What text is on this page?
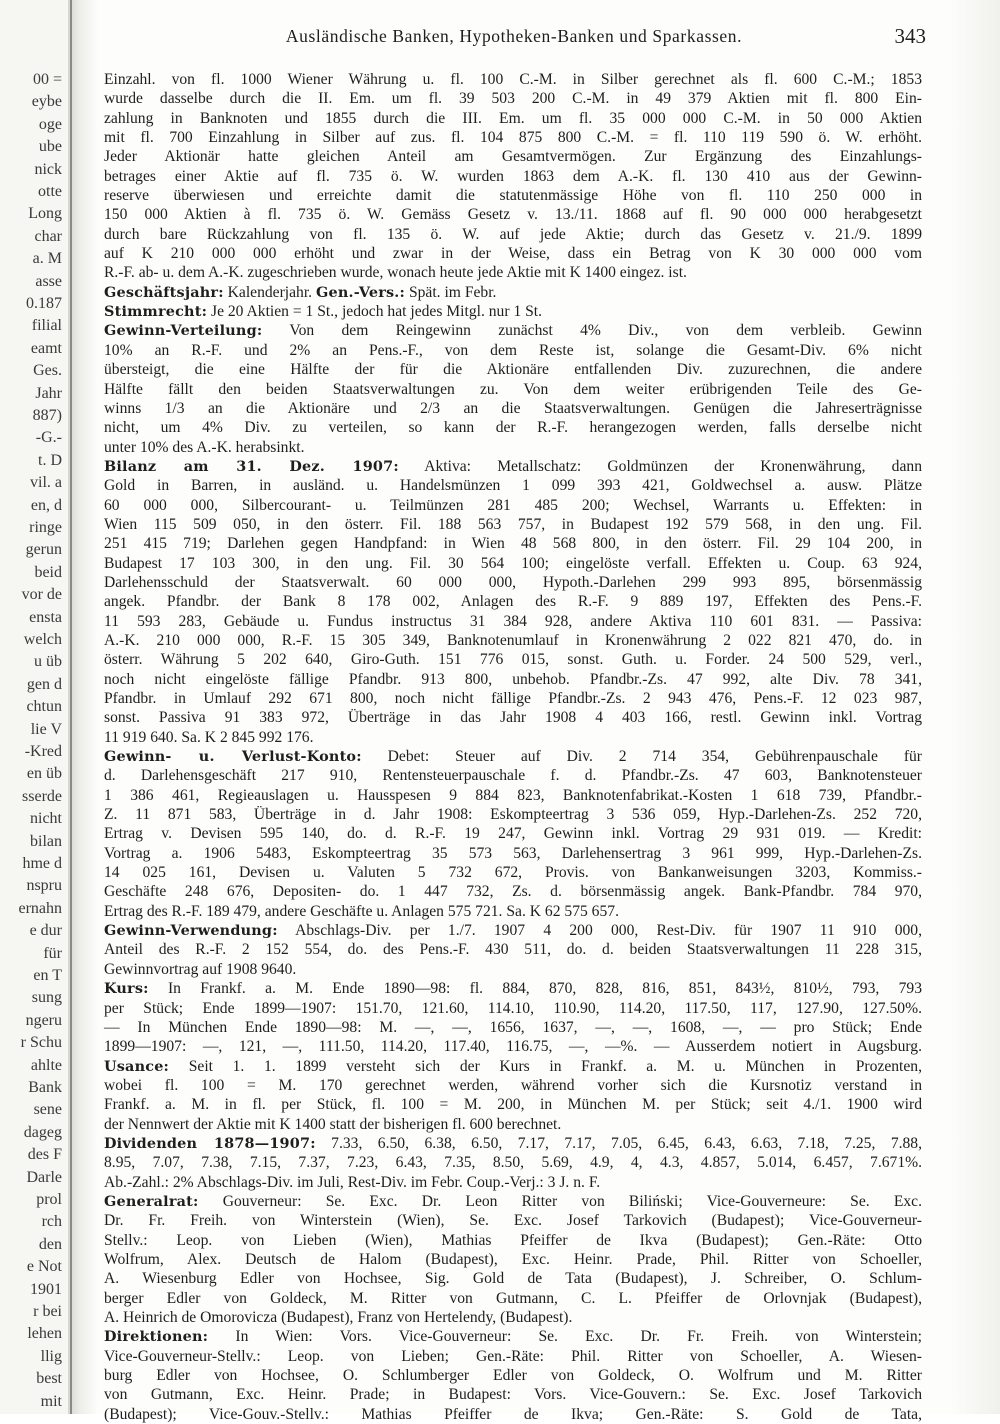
00 =
eybe
oge
ube
nick
otte
Long
char
a. M
asse
0.187
filial
eamt
Ges.
Jahr
887)
-G.-
t. D
vil. a
en, d
ringe
gerun
beid
vor de
ensta
welch
u üb
gen d
chtun
lie V
-Kred
en üb
sserde
nicht
bilan
hme d
nspru
ernahn
e dur
für
en T
sung
ngeru
r Schu
ahlte
Bank
sene
dageg
des F
Darle
prol
rch
den
e Not
1901
r bei
lehen
llig
best
mit
Ausländische Banken, Hypotheken-Banken und Sparkassen.	343
Einzahl. von fl. 1000 Wiener Währung u. fl. 100 C.-M. in Silber gerechnet als fl. 600 C.-M.; 1853
wurde dasselbe durch die II. Em. um fl. 39 503 200 C.-M. in 49 379 Aktien mit fl. 800 Ein-
zahlung in Banknoten und 1855 durch die III. Em. um fl. 35 000 000 C.-M. in 50 000 Aktien
mit fl. 700 Einzahlung in Silber auf zus. fl. 104 875 800 C.-M. = fl. 110 119 590 ö. W. erhöht.
Jeder Aktionär hatte gleichen Anteil am Gesamtvermögen. Zur Ergänzung des Einzahlungs-
betrages einer Aktie auf fl. 735 ö. W. wurden 1863 dem A.-K. fl. 130 410 aus der Gewinn-
reserve überwiesen und erreichte damit die statutenmässige Höhe von fl. 110 250 000 in
150 000 Aktien à fl. 735 ö. W. Gemäss Gesetz v. 13./11. 1868 auf fl. 90 000 000 herabgesetzt
durch bare Rückzahlung von fl. 135 ö. W. auf jede Aktie; durch das Gesetz v. 21./9. 1899
auf K 210 000 000 erhöht und zwar in der Weise, dass ein Betrag von K 30 000 000 vom
R.-F. ab- u. dem A.-K. zugeschrieben wurde, wonach heute jede Aktie mit K 1400 eingez. ist.
Geschäftsjahr: Kalenderjahr. Gen.-Vers.: Spät. im Febr.
Stimmrecht: Je 20 Aktien = 1 St., jedoch hat jedes Mitgl. nur 1 St.
Gewinn-Verteilung: Von dem Reingewinn zunächst 4% Div., von dem verbleib. Gewinn
10% an R.-F. und 2% an Pens.-F., von dem Reste ist, solange die Gesamt-Div. 6% nicht
übersteigt, die eine Hälfte der für die Aktionäre entfallenden Div. zuzurechnen, die andere
Hälfte fällt den beiden Staatsverwaltungen zu. Von dem weiter erübrigenden Teile des Ge-
winns 1/3 an die Aktionäre und 2/3 an die Staatsverwaltungen. Genügen die Jahreserträgnisse
nicht, um 4% Div. zu verteilen, so kann der R.-F. herangezogen werden, falls derselbe nicht
unter 10% des A.-K. herabsinkt.
Bilanz am 31. Dez. 1907: Aktiva: Metallschatz: Goldmünzen der Kronenwährung, dann
Gold in Barren, in ausländ. u. Handelsmünzen 1 099 393 421, Goldwechsel a. ausw. Plätze
60 000 000, Silbercourant- u. Teilmünzen 281 485 200; Wechsel, Warrants u. Effekten: in
Wien 115 509 050, in den österr. Fil. 188 563 757, in Budapest 192 579 568, in den ung. Fil.
251 415 719; Darlehen gegen Handpfand: in Wien 48 568 800, in den österr. Fil. 29 104 200, in
Budapest 17 103 300, in den ung. Fil. 30 564 100; eingelöste verfall. Effekten u. Coup. 63 924,
Darlehensschuld der Staatsverwalt. 60 000 000, Hypoth.-Darlehen 299 993 895, börsenmässig
angek. Pfandbr. der Bank 8 178 002, Anlagen des R.-F. 9 889 197, Effekten des Pens.-F.
11 593 283, Gebäude u. Fundus instructus 31 384 928, andere Aktiva 110 601 831. — Passiva:
A.-K. 210 000 000, R.-F. 15 305 349, Banknotenumlauf in Kronenwährung 2 022 821 470, do. in
österr. Währung 5 202 640, Giro-Guth. 151 776 015, sonst. Guth. u. Forder. 24 500 529, verl.,
noch nicht eingelöste fällige Pfandbr. 913 800, unbehob. Pfandbr.-Zs. 47 992, alte Div. 78 341,
Pfandbr. in Umlauf 292 671 800, noch nicht fällige Pfandbr.-Zs. 2 943 476, Pens.-F. 12 023 987,
sonst. Passiva 91 383 972, Überträge in das Jahr 1908 4 403 166, restl. Gewinn inkl. Vortrag
11 919 640. Sa. K 2 845 992 176.
Gewinn- u. Verlust-Konto: Debet: Steuer auf Div. 2 714 354, Gebührenpauschale für
d. Darlehensgeschäft 217 910, Rentensteuerpauschale f. d. Pfandbr.-Zs. 47 603, Banknotensteuer
1 386 461, Regieauslagen u. Hausspesen 9 884 823, Banknotenfabrikat.-Kosten 1 618 739, Pfandbr.-
Z. 11 871 583, Überträge in d. Jahr 1908: Eskompteertrag 3 536 059, Hyp.-Darlehen-Zs. 252 720,
Ertrag v. Devisen 595 140, do. d. R.-F. 19 247, Gewinn inkl. Vortrag 29 931 019. — Kredit:
Vortrag a. 1906 5483, Eskompteertrag 35 573 563, Darlehensertrag 3 961 999, Hyp.-Darlehen-Zs.
14 025 161, Devisen u. Valuten 5 732 672, Provis. von Bankanweisungen 3203, Kommiss.-
Geschäfte 248 676, Depositen- do. 1 447 732, Zs. d. börsenmässig angek. Bank-Pfandbr. 784 970,
Ertrag des R.-F. 189 479, andere Geschäfte u. Anlagen 575 721. Sa. K 62 575 657.
Gewinn-Verwendung: Abschlags-Div. per 1./7. 1907 4 200 000, Rest-Div. für 1907 11 910 000,
Anteil des R.-F. 2 152 554, do. des Pens.-F. 430 511, do. d. beiden Staatsverwaltungen 11 228 315,
Gewinnvortrag auf 1908 9640.
Kurs: In Frankf. a. M. Ende 1890—98: fl. 884, 870, 828, 816, 851, 843½, 810½, 793, 793
per Stück; Ende 1899—1907: 151.70, 121.60, 114.10, 110.90, 114.20, 117.50, 117, 127.90, 127.50%.
— In München Ende 1890—98: M. —, —, 1656, 1637, —, —, 1608, —, — pro Stück; Ende
1899—1907: —, 121, —, 111.50, 114.20, 117.40, 116.75, —, —%. — Ausserdem notiert in Augsburg.
Usance: Seit 1. 1. 1899 versteht sich der Kurs in Frankf. a. M. u. München in Prozenten,
wobei fl. 100 = M. 170 gerechnet werden, während vorher sich die Kursnotiz verstand in
Frankf. a. M. in fl. per Stück, fl. 100 = M. 200, in München M. per Stück; seit 4./1. 1900 wird
der Nennwert der Aktie mit K 1400 statt der bisherigen fl. 600 berechnet.
Dividenden 1878—1907: 7.33, 6.50, 6.38, 6.50, 7.17, 7.17, 7.05, 6.45, 6.43, 6.63, 7.18, 7.25, 7.88,
8.95, 7.07, 7.38, 7.15, 7.37, 7.23, 6.43, 7.35, 8.50, 5.69, 4.9, 4, 4.3, 4.857, 5.014, 6.457, 7.671%.
Ab.-Zahl.: 2% Abschlags-Div. im Juli, Rest-Div. im Febr. Coup.-Verj.: 3 J. n. F.
Generalrat: Gouverneur: Se. Exc. Dr. Leon Ritter von Biliński; Vice-Gouverneure: Se. Exc.
Dr. Fr. Freih. von Winterstein (Wien), Se. Exc. Josef Tarkovich (Budapest); Vice-Gouverneur-
Stellv.: Leop. von Lieben (Wien), Mathias Pfeiffer de Ikva (Budapest); Gen.-Räte: Otto
Wolfrum, Alex. Deutsch de Halom (Budapest), Exc. Heinr. Prade, Phil. Ritter von Schoeller,
A. Wiesenburg Edler von Hochsee, Sig. Gold de Tata (Budapest), J. Schreiber, O. Schlum-
berger Edler von Goldeck, M. Ritter von Gutmann, C. L. Pfeiffer de Orlovnjak (Budapest),
A. Heinrich de Omorovicza (Budapest), Franz von Hertelendy, (Budapest).
Direktionen: In Wien: Vors. Vice-Gouverneur: Se. Exc. Dr. Fr. Freih. von Winterstein;
Vice-Gouverneur-Stellv.: Leop. von Lieben; Gen.-Räte: Phil. Ritter von Schoeller, A. Wiesen-
burg Edler von Hochsee, O. Schlumberger Edler von Goldeck, O. Wolfrum und M. Ritter
von Gutmann, Exc. Heinr. Prade; in Budapest: Vors. Vice-Gouvern.: Se. Exc. Josef Tarkovich
(Budapest); Vice-Gouv.-Stellv.: Mathias Pfeiffer de Ikva; Gen.-Räte: S. Gold de Tata,
